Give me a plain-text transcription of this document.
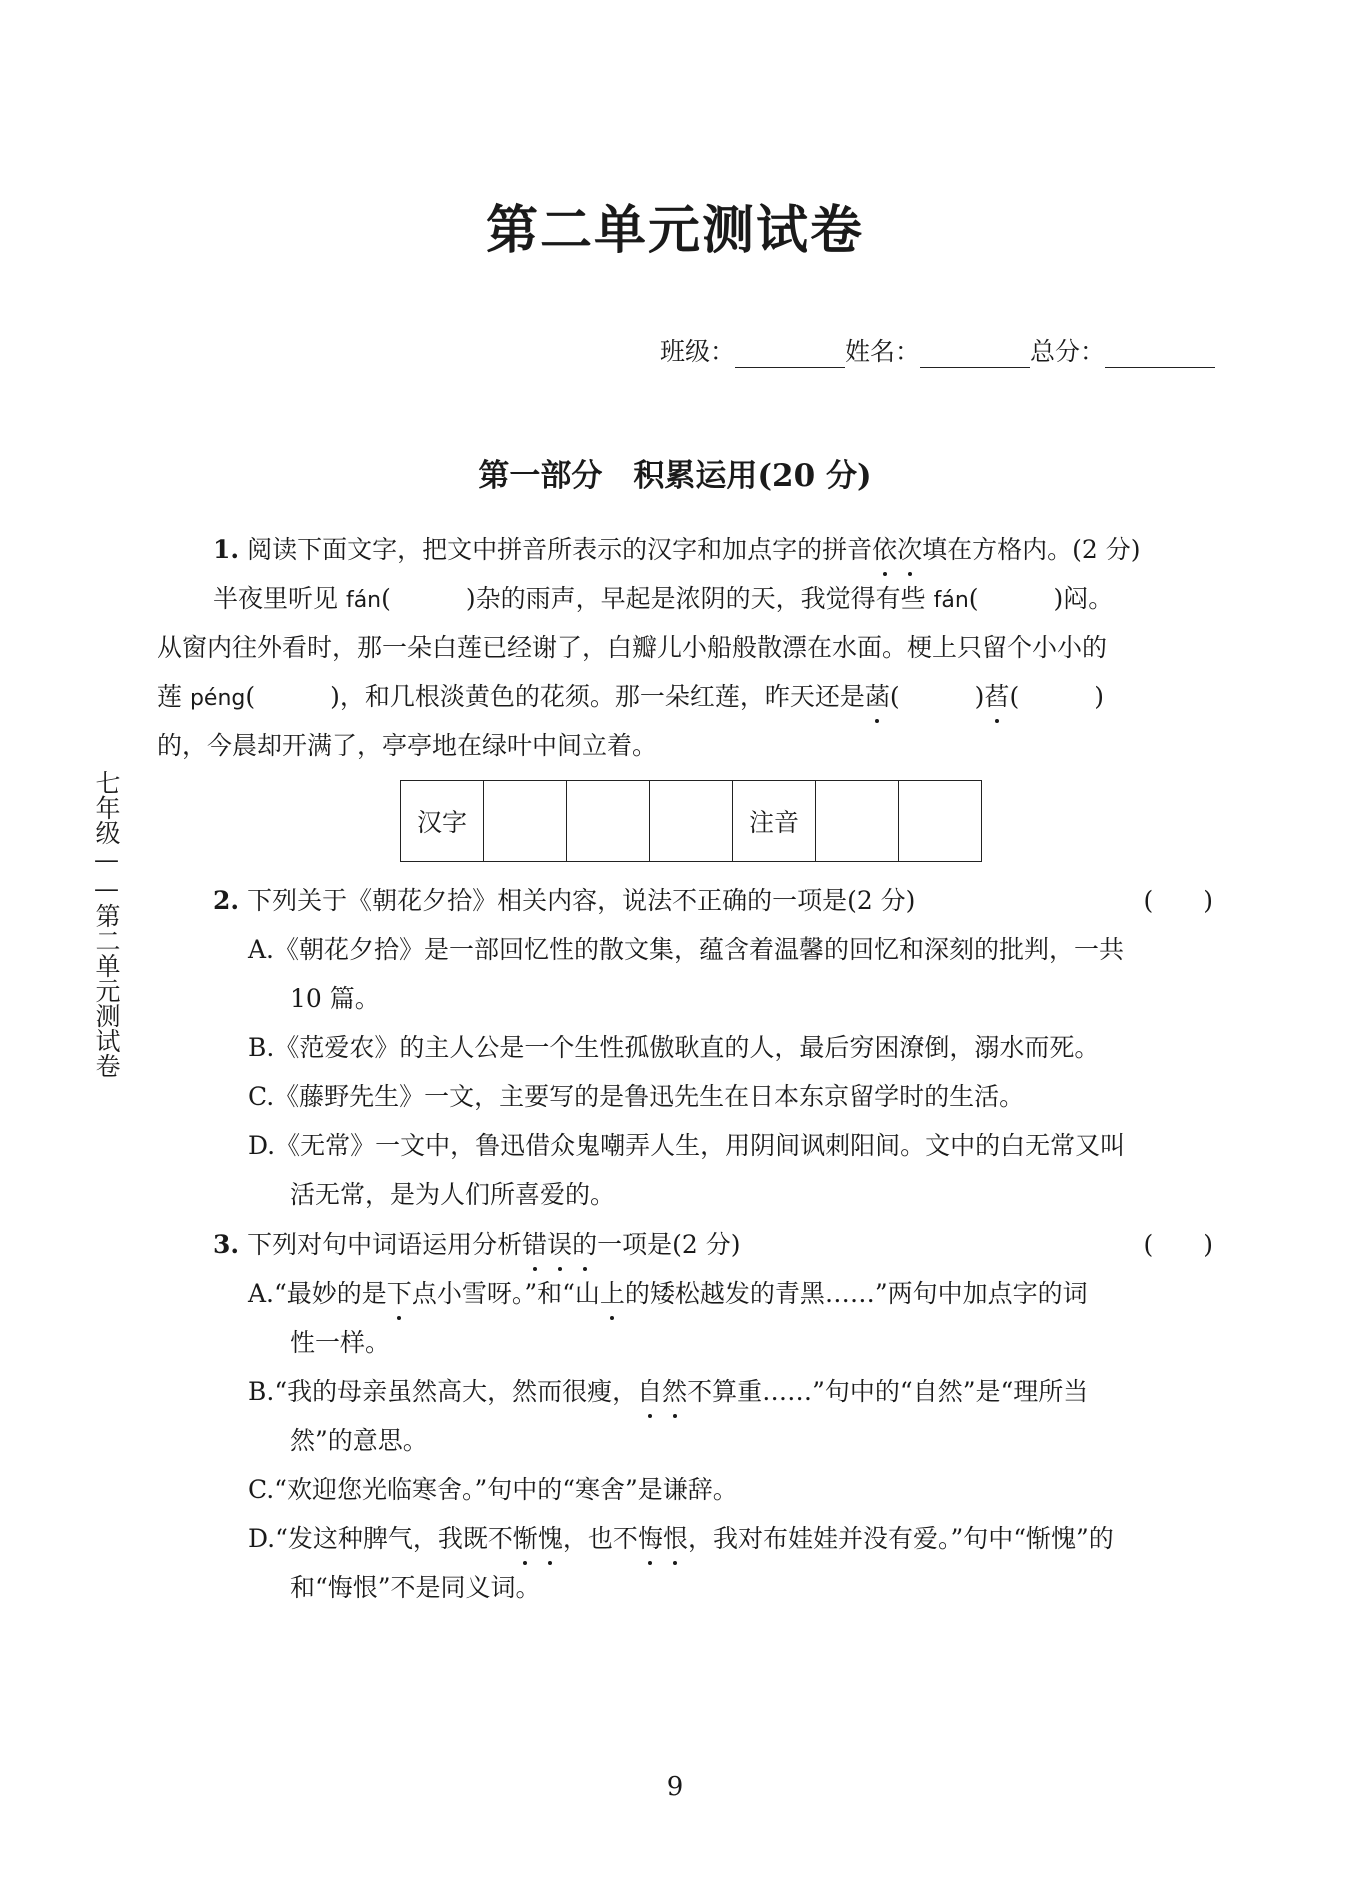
第二单元测试卷
班级：	姓名：	总分：
第一部分　积累运用(20 分)
七年级——第二单元测试卷
1. 阅读下面文字，把文中拼音所表示的汉字和加点字的拼音依次填在方格内。(2 分)
半夜里听见 fán(　　　)杂的雨声，早起是浓阴的天，我觉得有些 fán(　　　)闷。
从窗内往外看时，那一朵白莲已经谢了，白瓣儿小船般散漂在水面。梗上只留个小小的
莲 péng(　　　)，和几根淡黄色的花须。那一朵红莲，昨天还是菡(　　　)萏(　　　)
的，今晨却开满了，亭亭地在绿叶中间立着。
汉字				注音		
2. 下列关于《朝花夕拾》相关内容，说法不正确的一项是(2 分)	(　　)
A.《朝花夕拾》是一部回忆性的散文集，蕴含着温馨的回忆和深刻的批判，一共
10 篇。
B.《范爱农》的主人公是一个生性孤傲耿直的人，最后穷困潦倒，溺水而死。
C.《藤野先生》一文，主要写的是鲁迅先生在日本东京留学时的生活。
D.《无常》一文中，鲁迅借众鬼嘲弄人生，用阴间讽刺阳间。文中的白无常又叫
活无常，是为人们所喜爱的。
3. 下列对句中词语运用分析错误的一项是(2 分)	(　　)
A.“最妙的是下点小雪呀。”和“山上的矮松越发的青黑……”两句中加点字的词
性一样。
B.“我的母亲虽然高大，然而很瘦，自然不算重……”句中的“自然”是“理所当
然”的意思。
C.“欢迎您光临寒舍。”句中的“寒舍”是谦辞。
D.“发这种脾气，我既不惭愧，也不悔恨，我对布娃娃并没有爱。”句中“惭愧”的
和“悔恨”不是同义词。
9
